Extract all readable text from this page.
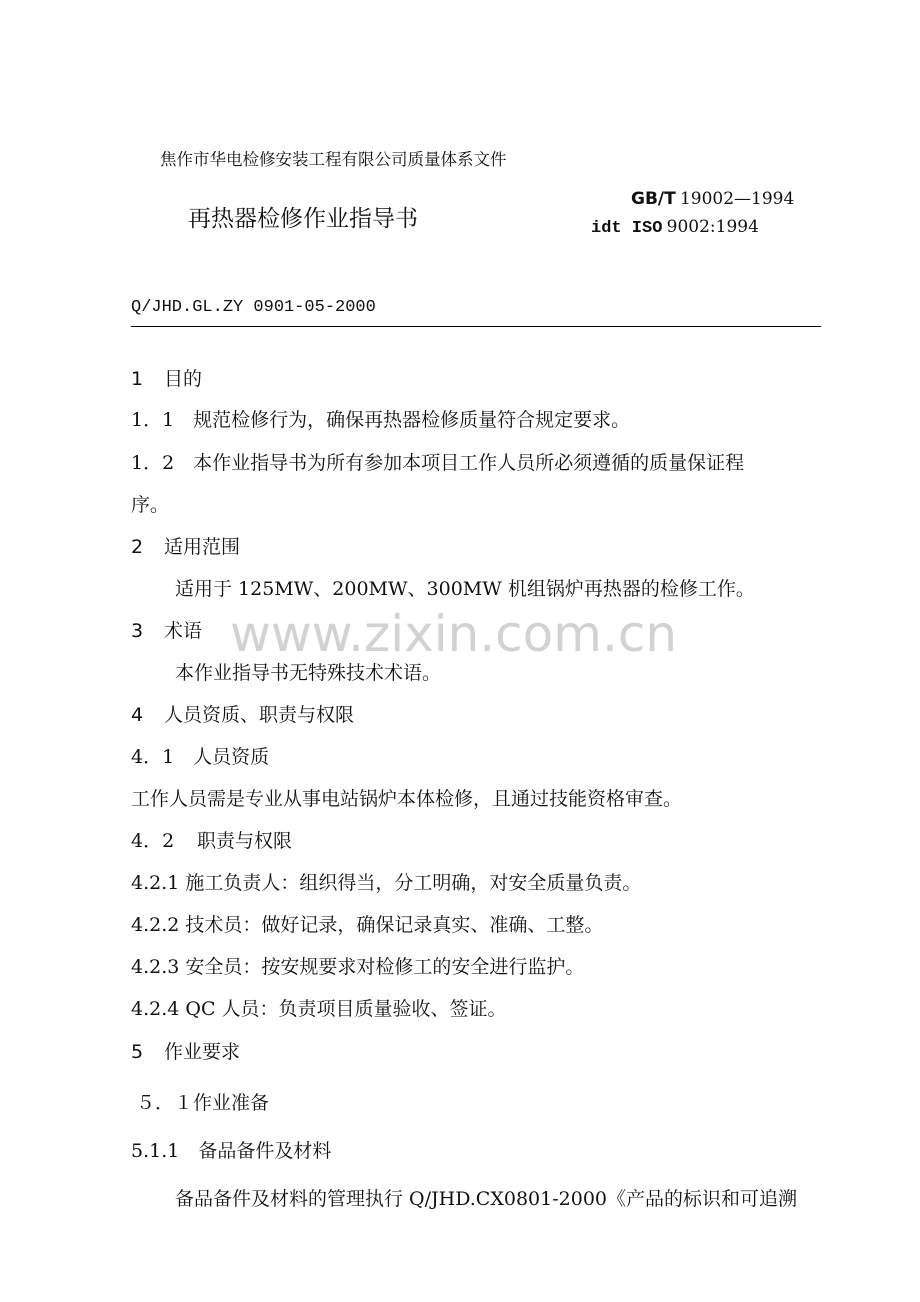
焦作市华电检修安装工程有限公司质量体系文件
再热器检修作业指导书
GB/T 19002—1994
idt ISO 9002:1994
Q/JHD.GL.ZY 0901-05-2000
www.zixin.com.cn
1 目的
1．1　规范检修行为，确保再热器检修质量符合规定要求。
1．2　本作业指导书为所有参加本项目工作人员所必须遵循的质量保证程
序。
2 适用范围
适用于 125MW、200MW、300MW 机组锅炉再热器的检修工作。
3 术语
本作业指导书无特殊技术术语。
4 人员资质、职责与权限
4．1　人员资质
工作人员需是专业从事电站锅炉本体检修，且通过技能资格审查。
4．2 职责与权限
4.2.1 施工负责人：组织得当，分工明确，对安全质量负责。
4.2.2 技术员：做好记录，确保记录真实、准确、工整。
4.2.3 安全员：按安规要求对检修工的安全进行监护。
4.2.4 QC 人员：负责项目质量验收、签证。
5 作业要求
５．１作业准备
5.1.1　备品备件及材料
备品备件及材料的管理执行 Q/JHD.CX0801-2000《产品的标识和可追溯
